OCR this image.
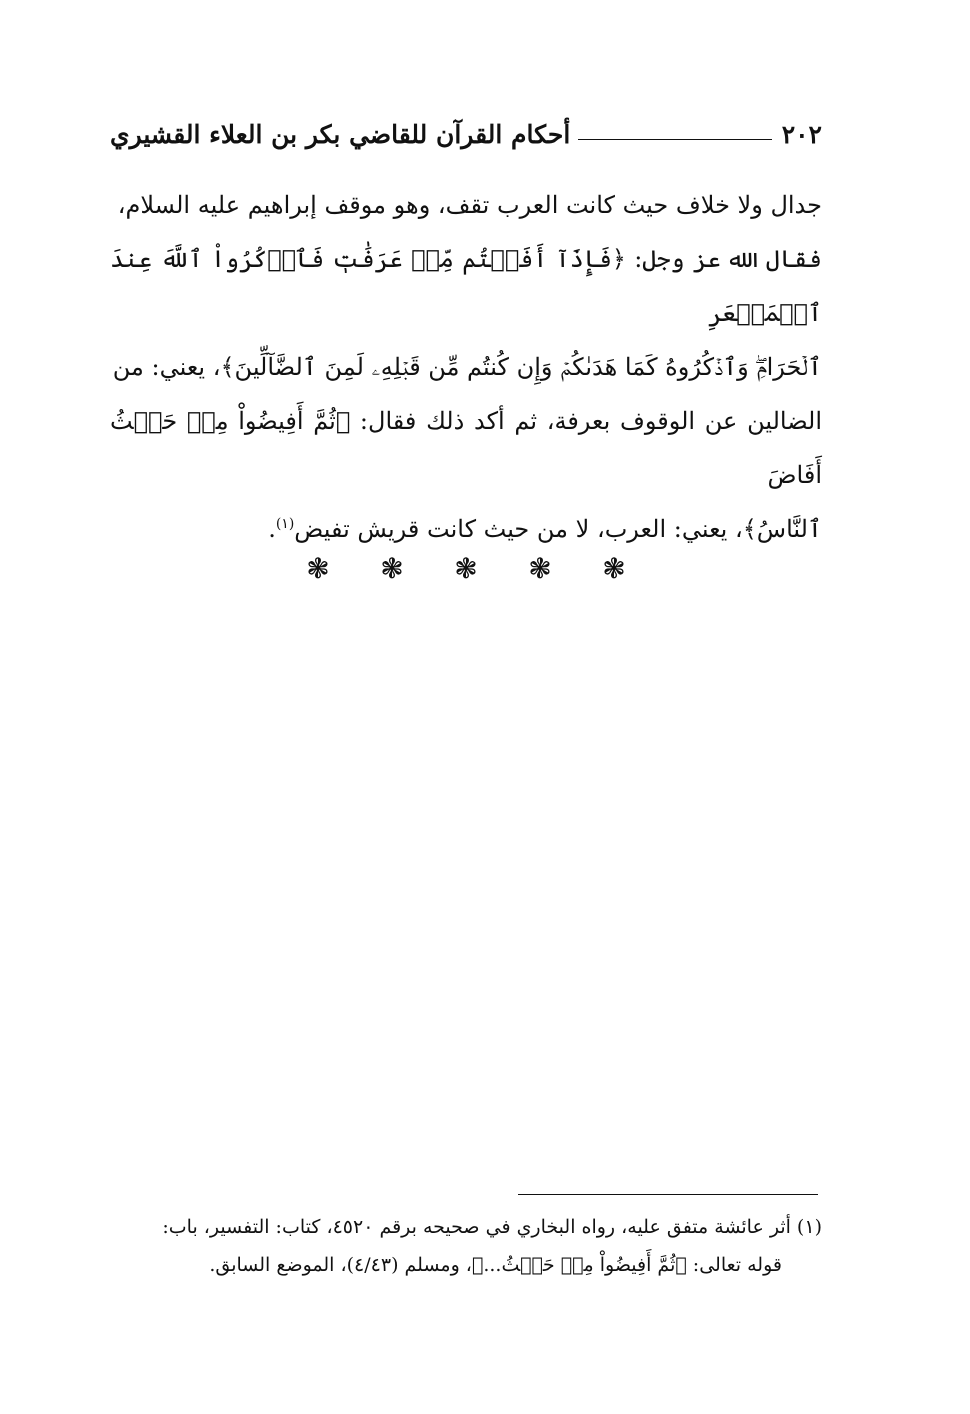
٢٠٢
أحكام القرآن للقاضي بكر بن العلاء القشيري

جدال ولا خلاف حيث كانت العرب تقف، وهو موقف إبراهيم عليه السلام،

فقال الله عز وجل: ﴿فَإِذَآ أَفَضۡتُم مِّنۡ عَرَفَٰتٖ فَٱذۡكُرُواْ ٱللَّهَ عِندَ ٱلۡمَشۡعَرِ

ٱلۡحَرَامِۖ وَٱذۡكُرُوهُ كَمَا هَدَىٰكُمۡ وَإِن كُنتُم مِّن قَبۡلِهِۦ لَمِنَ ٱلضَّآلِّينَ﴾، يعني: من

الضالين عن الوقوف بعرفة، ثم أكد ذلك فقال: ﴿ثُمَّ أَفِيضُواْ مِنۡ حَيۡثُ أَفَاضَ

ٱلنَّاسُ﴾، يعني: العرب، لا من حيث كانت قريش تفيض$^{(١)}$.

❃ ❃ ❃ ❃ ❃

(١) أثر عائشة متفق عليه، رواه البخاري في صحيحه برقم ٤٥٢٠، كتاب: التفسير، باب:

قوله تعالى: ﴿ثُمَّ أَفِيضُواْ مِنۡ حَيۡثُ...﴾، ومسلم (٤/٤٣)، الموضع السابق.
